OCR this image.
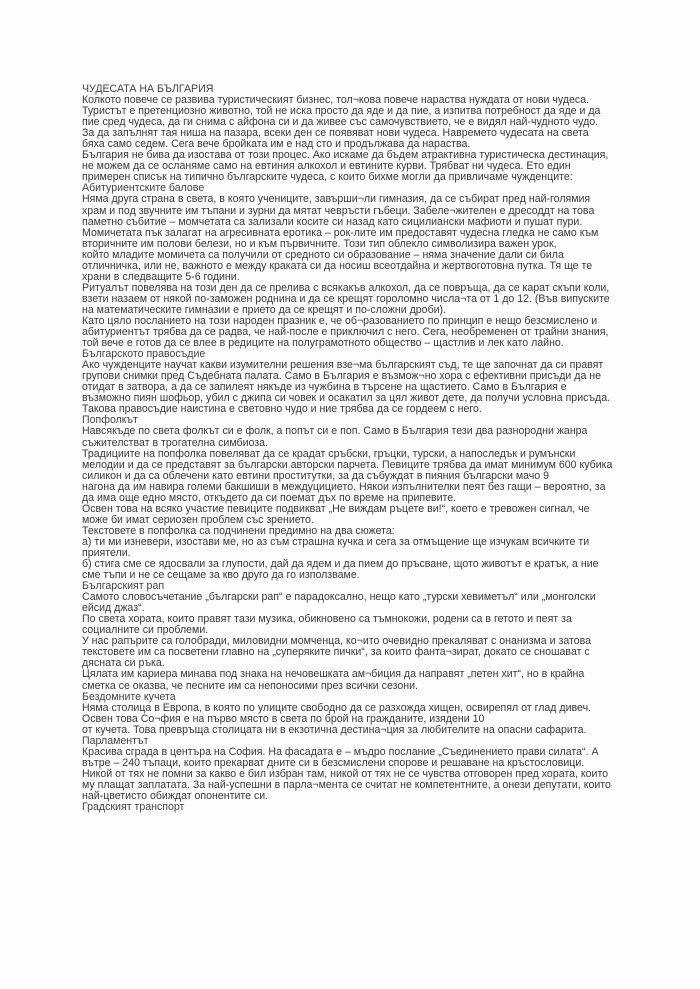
ЧУДЕСАТА НА БЪЛГАРИЯ

Колкото повече се развива туристическият бизнес, тол¬кова повече нараства нуждата от нови чудеса.
Туристът е претенциозно животно, той не иска просто да яде и да пие, а изпитва потребност да яде и да
пие сред чудеса, да ги снима с айфона си и да живее със самочувствието, че е видял най-чудното чудо.
За да запълнят тая ниша на пазара, всеки ден се появяват нови чудеса. Навремето чудесата на света
бяха само седем. Сега вече бройката им е над сто и продължава да нараства.

България не бива да изостава от този процес. Ако искаме да бъдем атрактивна туристическа дестинация,
не можем да се осланяме само на евтиния алкохол и евтините курви. Трябват ни чудеса. Ето един
примерен списък на типично българските чудеса, с които бихме могли да привличаме чужденците:

Абитуриентските балове

Няма друга страна в света, в която учениците, завърши¬ли гимназия, да се събират пред най-голямия
храм и под звучните им тъпани и зурни да мятат чевръсти гъбеци. Забеле¬жителен е дресоддт на това
паметно събитие – момчетата са зализали косите си назад като сицилиански мафиоти и пушат пури.
Момичетата пък залагат на агресивната еротика – рок-лите им предоставят чудесна гледка не само към
вторичните им полови белези, но и към първичните. Този тип облекло символизира важен урок,
който младите момичета са получили от средното си образование – няма значение дали си била
отличничка, или не, важното е между краката си да носиш всеотдайна и жертвоготовна путка. Тя ще те
храни в следващите 5-6 години.

Ритуалът повелява на този ден да се прелива с всякакъв алкохол, да се повръща, да се карат скъпи коли,
взети назаем от някой по-заможен роднина и да се крещят гороломно числа¬та от 1 до 12. (Във випуските
на математическите гимназии е прието да се крещят и по-сложни дроби).

Като цяло посланието на този народен празник е, че об¬разованието по принцип е нещо безсмислено и
абитуриентът трябва да се радва, че най-после е приключил с него. Сега, необременен от трайни знания,
той вече е готов да се влее в редиците на полуграмотното общество – щастлив и лек като лайно.

Българското правосъдие

Ако чужденците научат какви изумителни решения взе¬ма българският съд, те ще започнат да си правят
групови снимки пред Съдебната палата. Само в България е възмож¬но хора с ефективни присъди да не
отидат в затвора, а да се запилеят някъде из чужбина в търсене на щастието. Само в България е
възможно пиян шофьор, убил с джипа си човек и осакатил за цял живот дете, да получи условна присъда.
Такова правосъдие наистина е световно чудо и ние трябва да се гордеем с него.

Попфолкът

Навсякъде по света фолкът си е фолк, а попът си е поп. Само в България тези два разнородни жанра
съжителстват в трогателна симбиоза.

Традициите на попфолка повеляват да се крадат сръбски, гръцки, турски, а напоследък и румънски
мелодии и да се представят за български авторски парчета. Певиците трябва да имат минимум 600 кубика
силикон и да са облечени като евтини проститутки, за да събуждат в пияния български мачо 9
нагона да им навира големи бакшиши в междуцицието. Някои изпълнителки пеят без гащи – вероятно, за
да има още едно място, откъдето да си поемат дъх по време на припевите.

Освен това на всяко участие певиците подвикват „Не виждам ръцете ви!“, което е тревожен сигнал, че
може би имат сериозен проблем със зрението.

Текстовете в попфолка са подчинени предимно на два сюжета:

а) ти ми изневери, изостави ме, но аз съм страшна кучка и сега за отмъщение ще изчукам всичките ти
приятели.

б) стига сме се ядосвали за глупости, дай да ядем и да пием до пръсване, щото животът е кратък, а ние
сме тъпи и не се сещаме за кво друго да го използваме.

Българският рап

Самото словосъчетание „български рап“ е парадоксално, нещо като „турски хевиметъл“ или „монголски
ейсид джаз“.

По света хората, които правят тази музика, обикновено са тъмнокожи, родени са в гетото и пеят за
социалните си проблеми.

У нас рапърите са голобради, миловидни момченца, ко¬ито очевидно прекаляват с онанизма и затова
текстовете им са посветени главно на „суперяките пички“, за които фанта¬зират, докато се сношават с
дясната си ръка.

Цялата им кариера минава под знака на нечовешката ам¬биция да направят „петен хит“, но в крайна
сметка се оказва, че песните им са непоносими през всички сезони.

Бездомните кучета

Няма столица в Европа, в която по улиците свободно да се разхожда хищен, освирепял от глад дивеч.
Освен това Со¬фия е на първо място в света по брой на гражданите, изядени 10
от кучета. Това превръща столицата ни в екзотична дестина¬ция за любителите на опасни сафарита.

Парламентът

Красива сграда в центъра на София. На фасадата е – мъдро послание „Съединението прави силата“. А
вътре – 240 тъпаци, които прекарват дните си в безсмислени спорове и решаване на кръстословици.
Никой от тях не помни за какво е бил избран там, никой от тях не се чувства отговорен пред хората, които
му плащат заплатата. За най-успешни в парла¬мента се считат не компетентните, а онези депутати, които
най-цветисто обиждат опонентите си.

Градският транспорт
